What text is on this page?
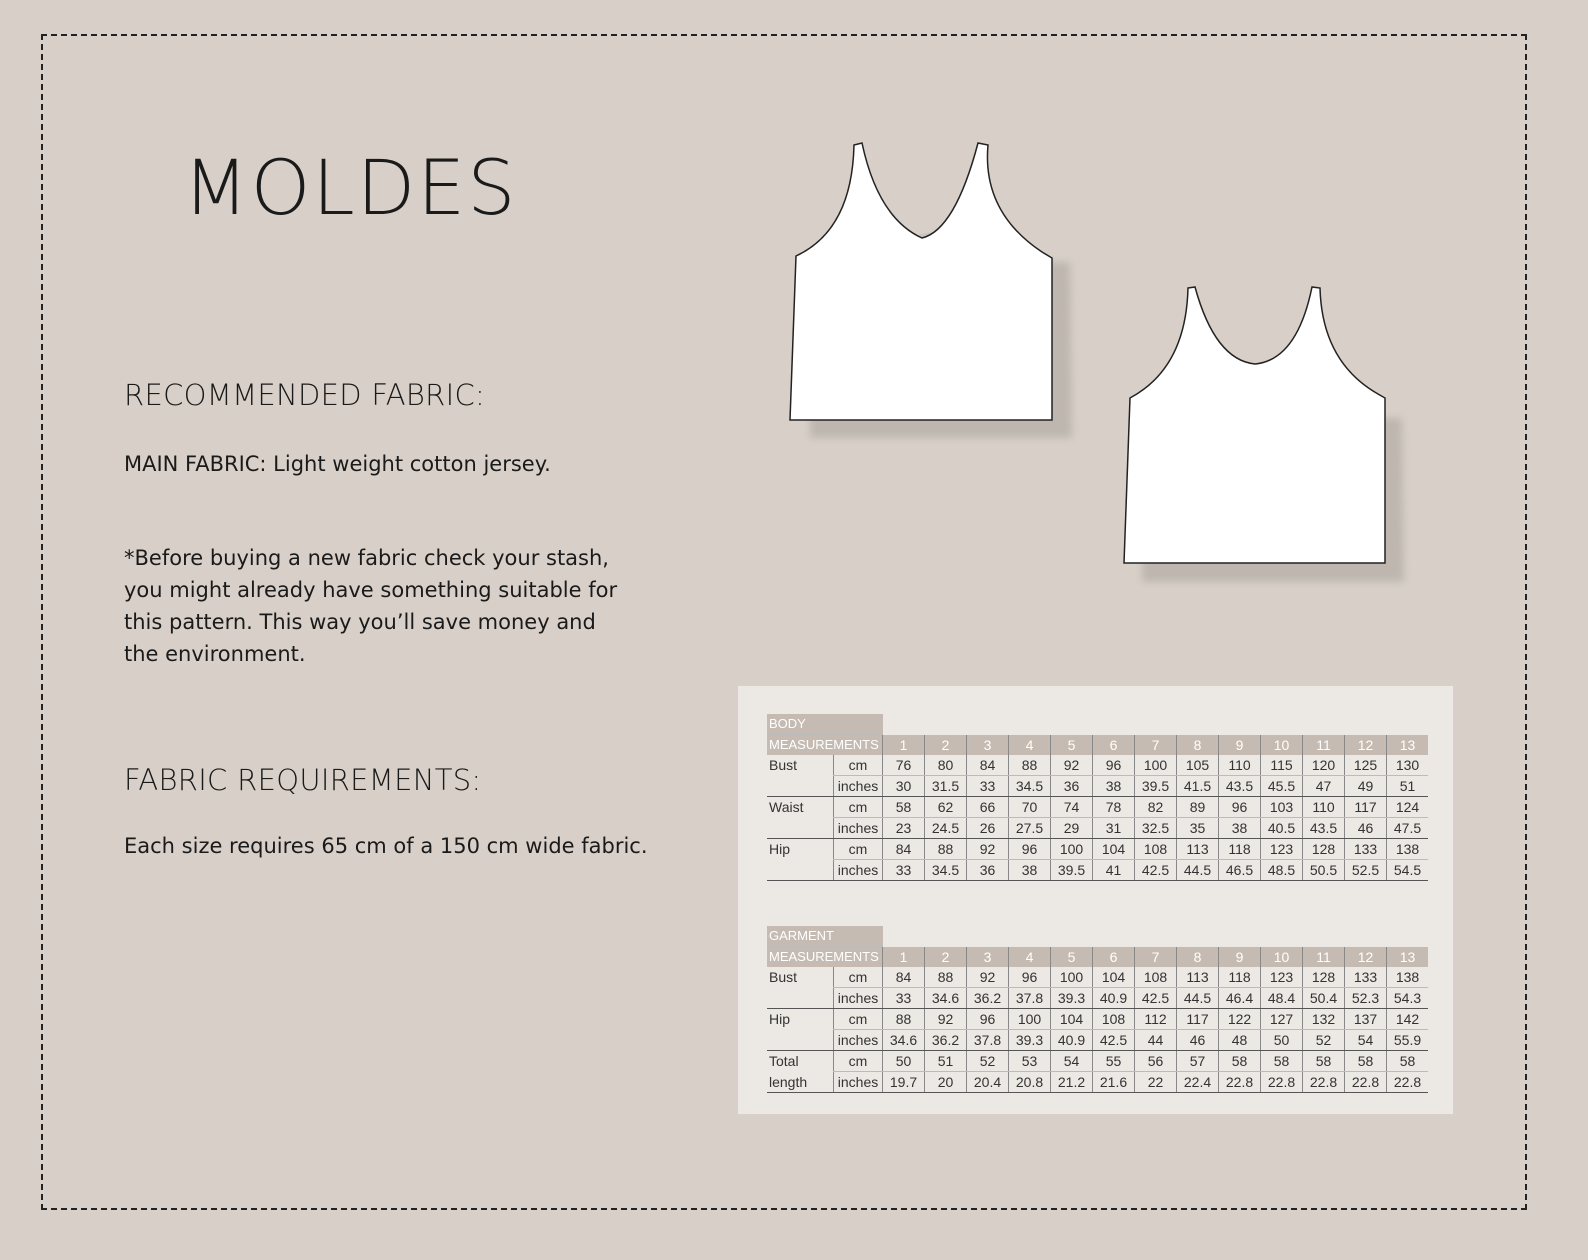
MOLDES
RECOMMENDED FABRIC:
MAIN FABRIC: Light weight cotton jersey.
*Before buying a new fabric check your stash, you might already have something suitable for this pattern. This way you’ll save money and the environment.
FABRIC REQUIREMENTS:
Each size requires 65 cm of a 150 cm wide fabric.
BODY														
MEASUREMENTS		1	2	3	4	5	6	7	8	9	10	11	12	13
Bust	cm	76	80	84	88	92	96	100	105	110	115	120	125	130
	inches	30	31.5	33	34.5	36	38	39.5	41.5	43.5	45.5	47	49	51
Waist	cm	58	62	66	70	74	78	82	89	96	103	110	117	124
	inches	23	24.5	26	27.5	29	31	32.5	35	38	40.5	43.5	46	47.5
Hip	cm	84	88	92	96	100	104	108	113	118	123	128	133	138
	inches	33	34.5	36	38	39.5	41	42.5	44.5	46.5	48.5	50.5	52.5	54.5
GARMENT														
MEASUREMENTS		1	2	3	4	5	6	7	8	9	10	11	12	13
Bust	cm	84	88	92	96	100	104	108	113	118	123	128	133	138
	inches	33	34.6	36.2	37.8	39.3	40.9	42.5	44.5	46.4	48.4	50.4	52.3	54.3
Hip	cm	88	92	96	100	104	108	112	117	122	127	132	137	142
	inches	34.6	36.2	37.8	39.3	40.9	42.5	44	46	48	50	52	54	55.9
Total	cm	50	51	52	53	54	55	56	57	58	58	58	58	58
length	inches	19.7	20	20.4	20.8	21.2	21.6	22	22.4	22.8	22.8	22.8	22.8	22.8
